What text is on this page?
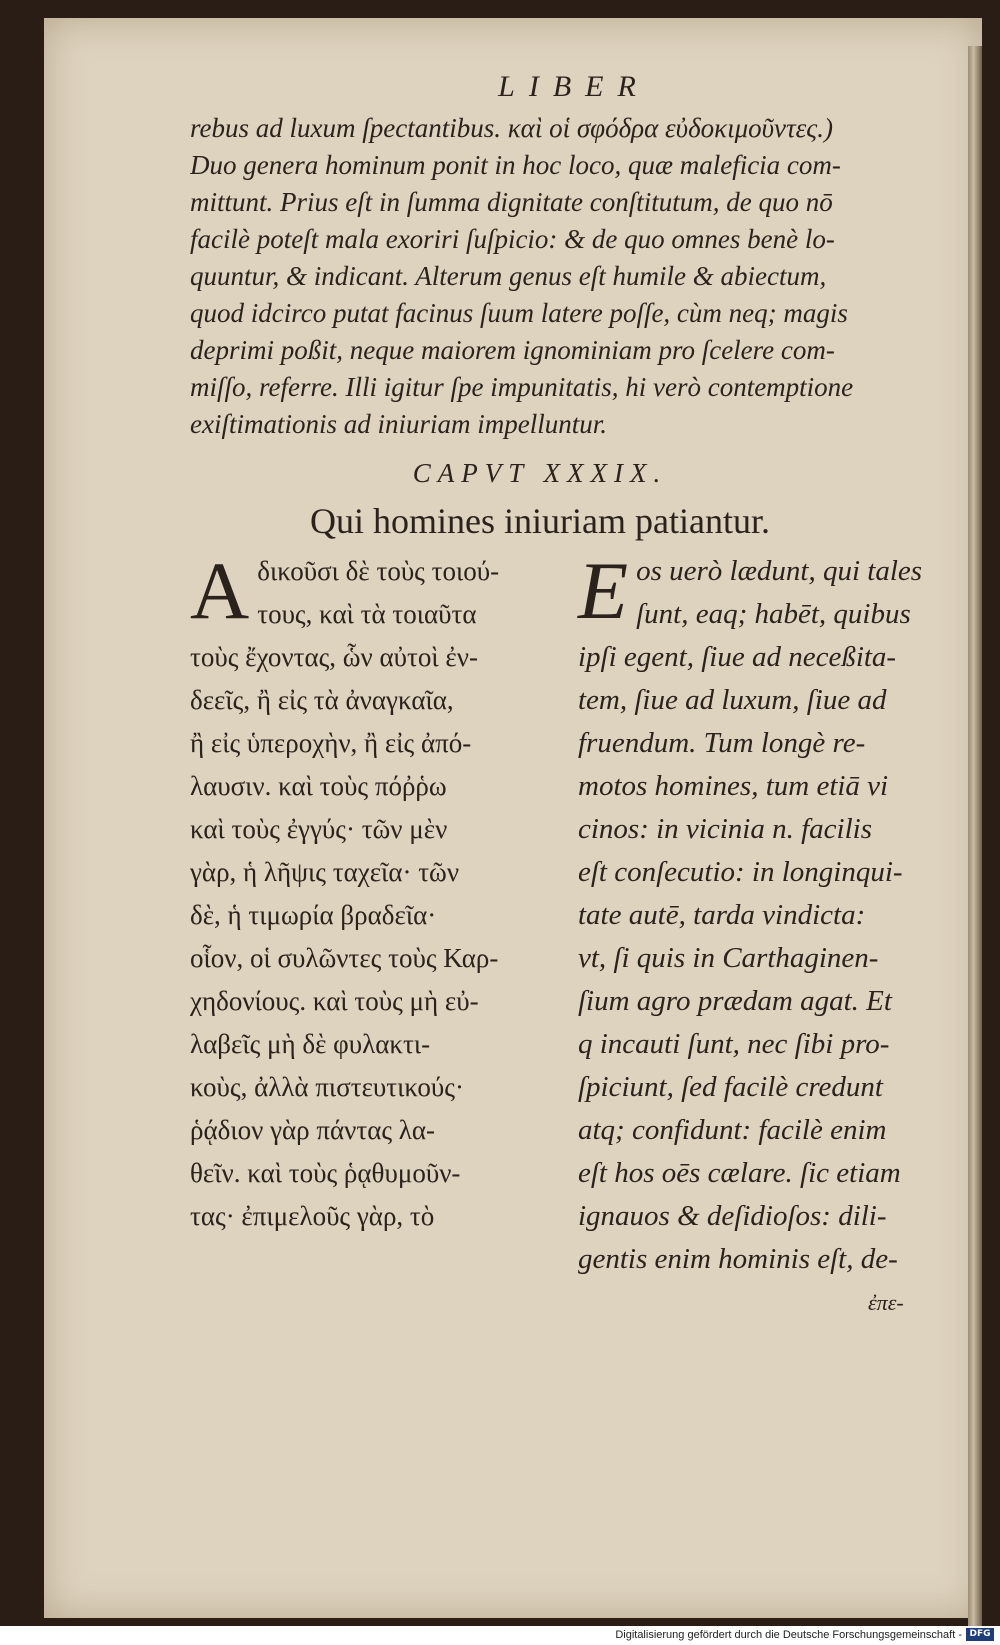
LIBER
rebus ad luxum ſpectantibus. καὶ οἱ σφόδρα εὐδοκιμοῦντες.)
Duo genera hominum ponit in hoc loco, quæ maleficia com-
mittunt. Prius eſt in ſumma dignitate conſtitutum, de quo nō
facilè poteſt mala exoriri ſuſpicio: & de quo omnes benè lo-
quuntur, & indicant. Alterum genus eſt humile & abiectum,
quod idcirco putat facinus ſuum latere poſſe, cùm neq; magis
deprimi poßit, neque maiorem ignominiam pro ſcelere com-
miſſo, referre. Illi igitur ſpe impunitatis, hi verò contemptione
exiſtimationis ad iniuriam impelluntur.
CAPVT XXXIX.
Qui homines iniuriam patiantur.
A δικοῦσι δὲ τοὺς τοιού-
τους, καὶ τὰ τοιαῦτα
τοὺς ἔχοντας, ὧν αὐτοὶ ἐν-
δεεῖς, ἢ εἰς τὰ ἀναγκαῖα,
ἢ εἰς ὑπεροχὴν, ἢ εἰς ἀπό-
λαυσιν. καὶ τοὺς πόῤῥω
καὶ τοὺς ἐγγύς· τῶν μὲν
γὰρ, ἡ λῆψις ταχεῖα· τῶν
δὲ, ἡ τιμωρία βραδεῖα·
οἷον, οἱ συλῶντες τοὺς Καρ-
χηδονίους. καὶ τοὺς μὴ εὐ-
λαβεῖς μὴ δὲ φυλακτι-
κοὺς, ἀλλὰ πιστευτικούς·
ῥᾴδιον γὰρ πάντας λα-
θεῖν. καὶ τοὺς ῥᾳθυμοῦν-
τας· ἐπιμελοῦς γὰρ, τὸ
E os uerò lædunt, qui tales
ſunt, eaq; habēt, quibus
ipſi egent, ſiue ad neceßita-
tem, ſiue ad luxum, ſiue ad
fruendum. Tum longè re-
motos homines, tum etiā vi
cinos: in vicinia n. facilis
eſt conſecutio: in longinqui-
tate autē, tarda vindicta:
vt, ſi quis in Carthaginen-
ſium agro prædam agat. Et
q incauti ſunt, nec ſibi pro-
ſpiciunt, ſed facilè credunt
atq; confidunt: facilè enim
eſt hos oēs cælare. ſic etiam
ignauos & deſidioſos: dili-
gentis enim hominis eſt, de-
ἐπε-
Digitalisierung gefördert durch die Deutsche Forschungsgemeinschaft - DFG
